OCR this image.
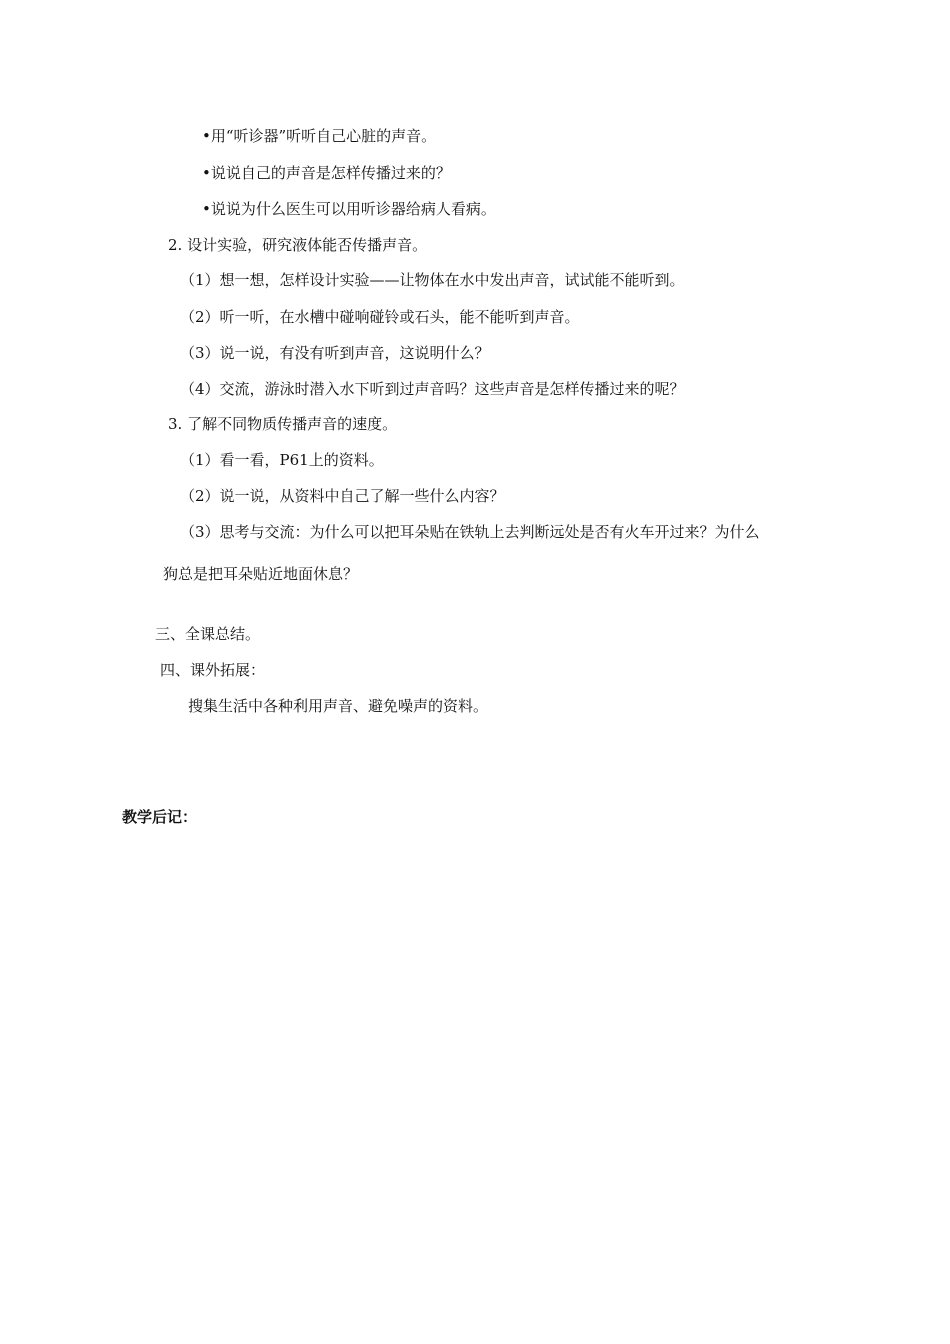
•用“听诊器”听听自己心脏的声音。
•说说自己的声音是怎样传播过来的？
•说说为什么医生可以用听诊器给病人看病。
2. 设计实验，研究液体能否传播声音。
（1）想一想，怎样设计实验——让物体在水中发出声音，试试能不能听到。
（2）听一听，在水槽中碰响碰铃或石头，能不能听到声音。
（3）说一说，有没有听到声音，这说明什么？
（4）交流，游泳时潜入水下听到过声音吗？这些声音是怎样传播过来的呢？
3. 了解不同物质传播声音的速度。
（1）看一看，P61上的资料。
（2）说一说，从资料中自己了解一些什么内容？
（3）思考与交流：为什么可以把耳朵贴在铁轨上去判断远处是否有火车开过来？为什么
狗总是把耳朵贴近地面休息？
三、全课总结。
四、课外拓展：
搜集生活中各种利用声音、避免噪声的资料。
教学后记：
